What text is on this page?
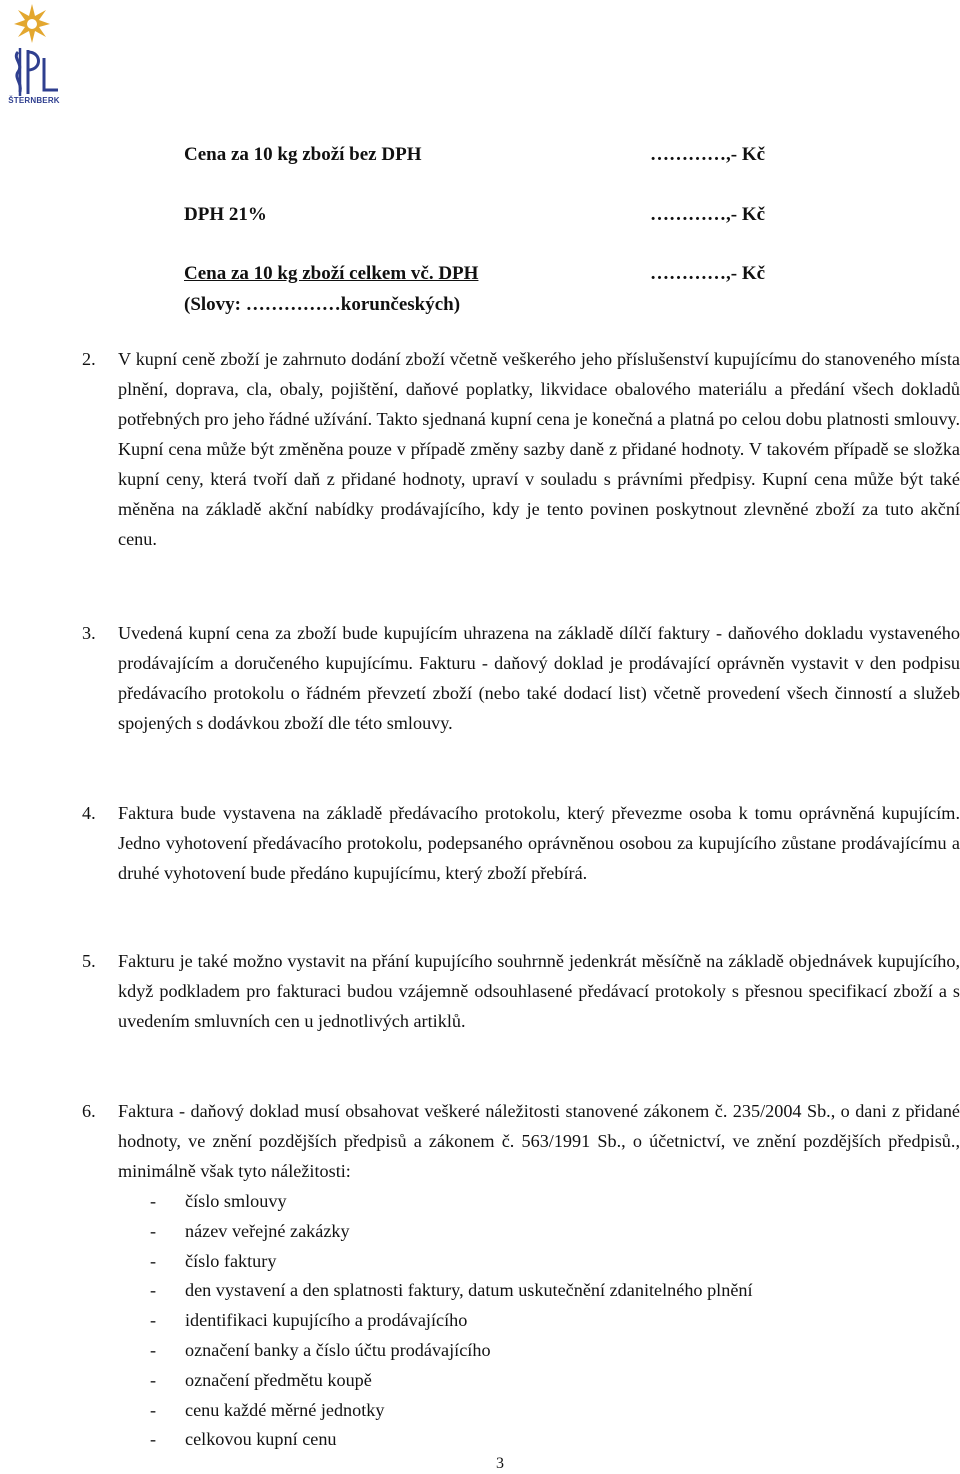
ŠTERNBERK
Cena za 10 kg zboží bez DPH	…………,- Kč
DPH 21%	…………,- Kč
Cena za 10 kg zboží celkem vč. DPH	…………,- Kč
(Slovy: ……………korunčeských)
2. V kupní ceně zboží je zahrnuto dodání zboží včetně veškerého jeho příslušenství kupujícímu do stanoveného místa plnění, doprava, cla, obaly, pojištění, daňové poplatky, likvidace obalového materiálu a předání všech dokladů potřebných pro jeho řádné užívání. Takto sjednaná kupní cena je konečná a platná po celou dobu platnosti smlouvy. Kupní cena může být změněna pouze v případě změny sazby daně z přidané hodnoty. V takovém případě se složka kupní ceny, která tvoří daň z přidané hodnoty, upraví v souladu s právními předpisy. Kupní cena může být také měněna na základě akční nabídky prodávajícího, kdy je tento povinen poskytnout zlevněné zboží za tuto akční cenu.
3. Uvedená kupní cena za zboží bude kupujícím uhrazena na základě dílčí faktury - daňového dokladu vystaveného prodávajícím a doručeného kupujícímu. Fakturu - daňový doklad je prodávající oprávněn vystavit v den podpisu předávacího protokolu o řádném převzetí zboží (nebo také dodací list) včetně provedení všech činností a služeb spojených s dodávkou zboží dle této smlouvy.
4. Faktura bude vystavena na základě předávacího protokolu, který převezme osoba k tomu oprávněná kupujícím. Jedno vyhotovení předávacího protokolu, podepsaného oprávněnou osobou za kupujícího zůstane prodávajícímu a druhé vyhotovení bude předáno kupujícímu, který zboží přebírá.
5. Fakturu je také možno vystavit na přání kupujícího souhrnně jedenkrát měsíčně na základě objednávek kupujícího, když podkladem pro fakturaci budou vzájemně odsouhlasené předávací protokoly s přesnou specifikací zboží a s uvedením smluvních cen u jednotlivých artiklů.
6. Faktura - daňový doklad musí obsahovat veškeré náležitosti stanovené zákonem č. 235/2004 Sb., o dani z přidané hodnoty, ve znění pozdějších předpisů a zákonem č. 563/1991 Sb., o účetnictví, ve znění pozdějších předpisů., minimálně však tyto náležitosti:
- číslo smlouvy
- název veřejné zakázky
- číslo faktury
- den vystavení a den splatnosti faktury, datum uskutečnění zdanitelného plnění
- identifikaci kupujícího a prodávajícího
- označení banky a číslo účtu prodávajícího
- označení předmětu koupě
- cenu každé měrné jednotky
- celkovou kupní cenu
3
